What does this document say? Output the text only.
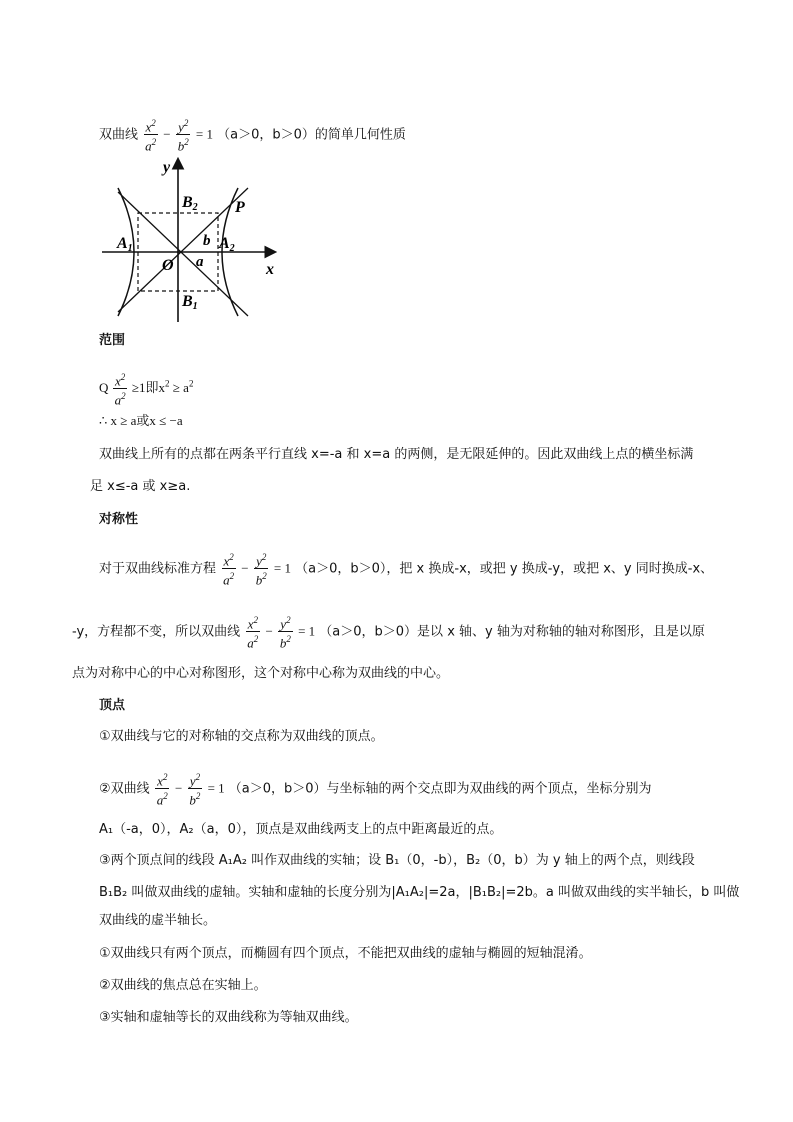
双曲线 $\frac{x^2}{a^2} - \frac{y^2}{b^2} = 1$ （a＞0，b＞0）的简单几何性质
y
x
O a
b
A1	A2
B2
B1
P
范围
Q $\frac{x^2}{a^2} \ge 1$即$x^2 \ge a^2$
∴ x ≥ a或x ≤ −a
双曲线上所有的点都在两条平行直线 x=-a 和 x=a 的两侧，是无限延伸的。因此双曲线上点的横坐标满
足 x≤-a 或 x≥a.
对称性
对于双曲线标准方程 $\frac{x^2}{a^2} - \frac{y^2}{b^2} = 1$ （a＞0，b＞0），把 x 换成-x，或把 y 换成-y，或把 x、y 同时换成-x、
-y，方程都不变，所以双曲线 $\frac{x^2}{a^2} - \frac{y^2}{b^2} = 1$ （a＞0，b＞0）是以 x 轴、y 轴为对称轴的轴对称图形，且是以原
点为对称中心的中心对称图形，这个对称中心称为双曲线的中心。
顶点
①双曲线与它的对称轴的交点称为双曲线的顶点。
②双曲线 $\frac{x^2}{a^2} - \frac{y^2}{b^2} = 1$ （a＞0，b＞0）与坐标轴的两个交点即为双曲线的两个顶点，坐标分别为
A₁（-a，0），A₂（a，0），顶点是双曲线两支上的点中距离最近的点。
③两个顶点间的线段 A₁A₂ 叫作双曲线的实轴；设 B₁（0，-b），B₂（0，b）为 y 轴上的两个点，则线段
B₁B₂ 叫做双曲线的虚轴。实轴和虚轴的长度分别为|A₁A₂|=2a，|B₁B₂|=2b。a 叫做双曲线的实半轴长，b 叫做
双曲线的虚半轴长。
①双曲线只有两个顶点，而椭圆有四个顶点，不能把双曲线的虚轴与椭圆的短轴混淆。
②双曲线的焦点总在实轴上。
③实轴和虚轴等长的双曲线称为等轴双曲线。
